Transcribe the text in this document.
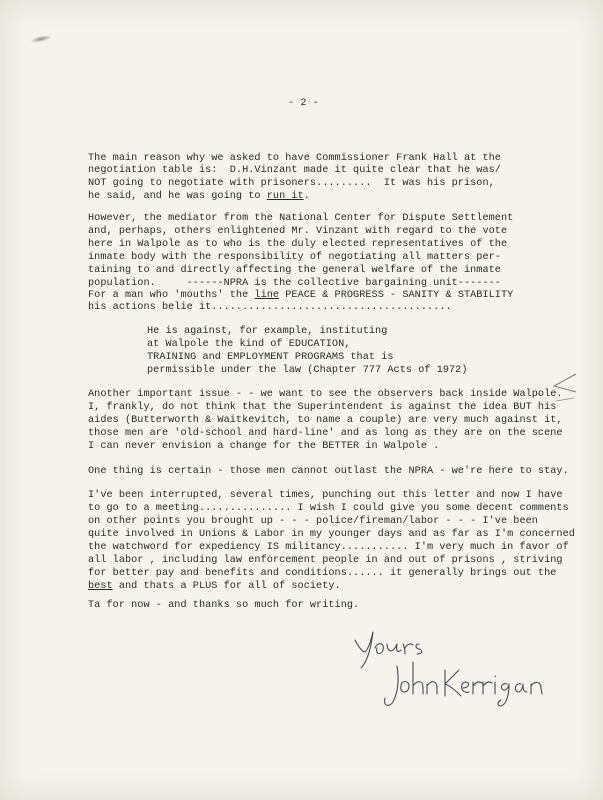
- 2 -
The main reason why we asked to have Commissioner Frank Hall at the
negotiation table is:  D.H.Vinzant made it quite clear that he was/
NOT going to negotiate with prisoners.........  It was his prison,
he said, and he was going to run it.
However, the mediator from the National Center for Dispute Settlement
and, perhaps, others enlightened Mr. Vinzant with regard to the vote
here in Walpole as to who is the duly elected representatives of the
inmate body with the responsibility of negotiating all matters per-
taining to and directly affecting the general welfare of the inmate
population.     ------NPRA is the collective bargaining unit-------
For a man who 'mouths' the line PEACE & PROGRESS - SANITY & STABILITY
his actions belie it.......................................
He is against, for example, instituting
at Walpole the kind of EDUCATION,
TRAINING and EMPLOYMENT PROGRAMS that is
permissible under the law (Chapter 777 Acts of 1972)
Another important issue - - we want to see the observers back inside Walpole.
I, frankly, do not think that the Superintendent is against the idea BUT his
aides (Butterworth & Waitkevitch, to name a couple) are very much against it,
those men are 'old-school and hard-line' and as long as they are on the scene
I can never envision a change for the BETTER in Walpole .
One thing is certain - those men cannot outlast the NPRA - we're here to stay.
I've been interrupted, several times, punching out this letter and now I have
to go to a meeting............... I wish I could give you some decent comments
on other points you brought up - - - police/fireman/labor - - - I've been
quite involved in Unions & Labor in my younger days and as far as I'm concerned
the watchword for expediency IS militancy........... I'm very much in favor of
all labor , including law enforcement people in and out of prisons , striving
for better pay and benefits and conditions...... it generally brings out the
best and thats a PLUS for all of society.
Ta for now - and thanks so much for writing.
